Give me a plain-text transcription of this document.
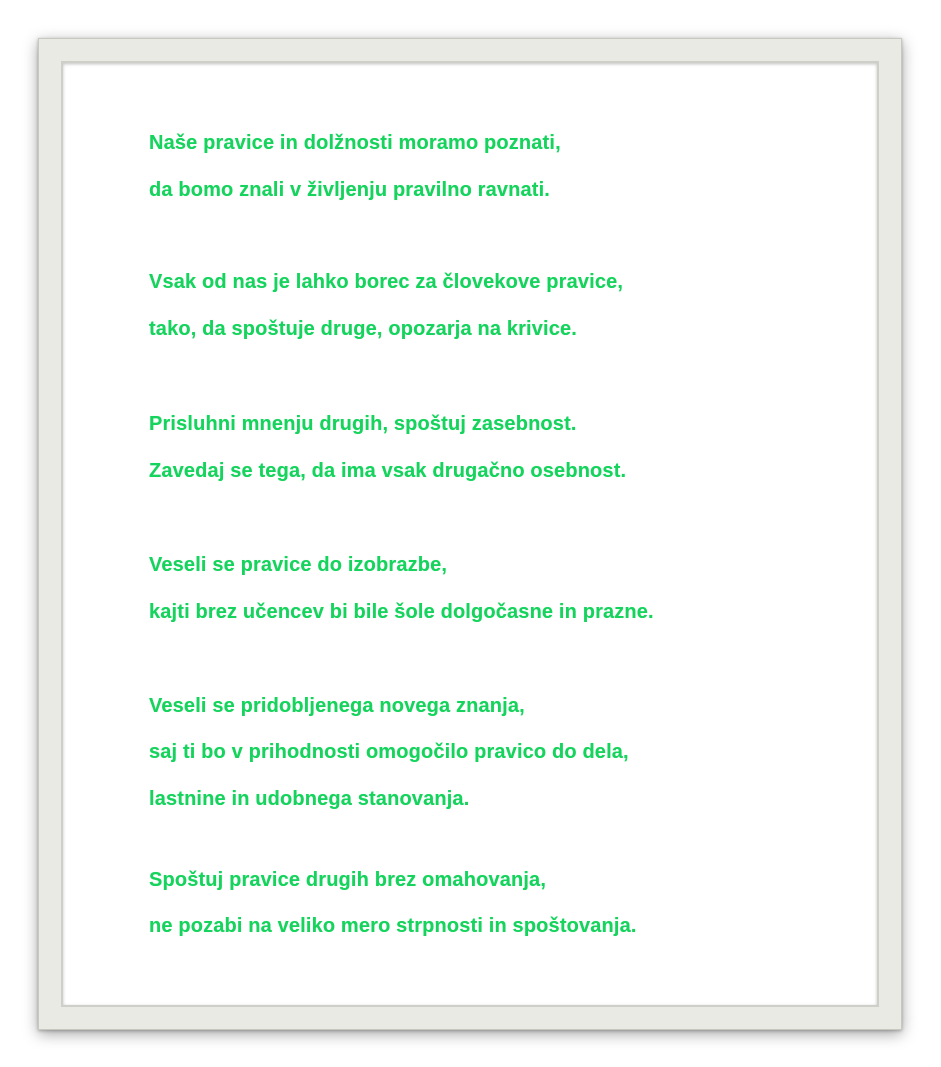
Naše pravice in dolžnosti moramo poznati,
da bomo znali v življenju pravilno ravnati.
Vsak od nas je lahko borec za človekove pravice,
tako, da spoštuje druge, opozarja na krivice.
Prisluhni mnenju drugih, spoštuj zasebnost.
Zavedaj se tega, da ima vsak drugačno osebnost.
Veseli se pravice do izobrazbe,
kajti brez učencev bi bile šole dolgočasne in prazne.
Veseli se pridobljenega novega znanja,
saj ti bo v prihodnosti omogočilo pravico do dela,
lastnine in udobnega stanovanja.
Spoštuj pravice drugih brez omahovanja,
ne pozabi na veliko mero strpnosti in spoštovanja.
